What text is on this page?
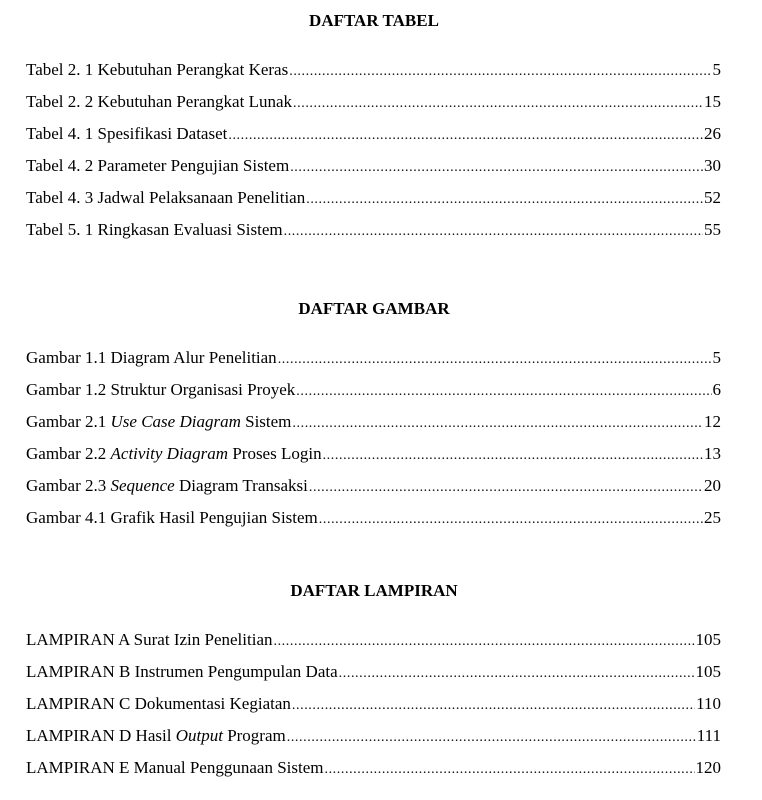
DAFTAR TABEL
Tabel 2. 1 Kebutuhan Perangkat Keras .....	5
Tabel 2. 2 Kebutuhan Perangkat Lunak .....	15
Tabel 4. 1 Spesifikasi Dataset .....	26
Tabel 4. 2 Parameter Pengujian Sistem .....	30
Tabel 4. 3 Jadwal Pelaksanaan Penelitian .....	52
Tabel 5. 1 Ringkasan Evaluasi Sistem .....	55
DAFTAR GAMBAR
Gambar 1.1 Diagram Alur Penelitian .....	5
Gambar 1.2 Struktur Organisasi Proyek .....	6
Gambar 2.1 Use Case Diagram Sistem .....	12
Gambar 2.2 Activity Diagram Proses Login .....	13
Gambar 2.3 Sequence Diagram Transaksi .....	20
Gambar 4.1 Grafik Hasil Pengujian Sistem .....	25
DAFTAR LAMPIRAN
LAMPIRAN A Surat Izin Penelitian .....	105
LAMPIRAN B Instrumen Pengumpulan Data .....	105
LAMPIRAN C Dokumentasi Kegiatan .....	110
LAMPIRAN D Hasil Output Program .....	111
LAMPIRAN E Manual Penggunaan Sistem .....	120
